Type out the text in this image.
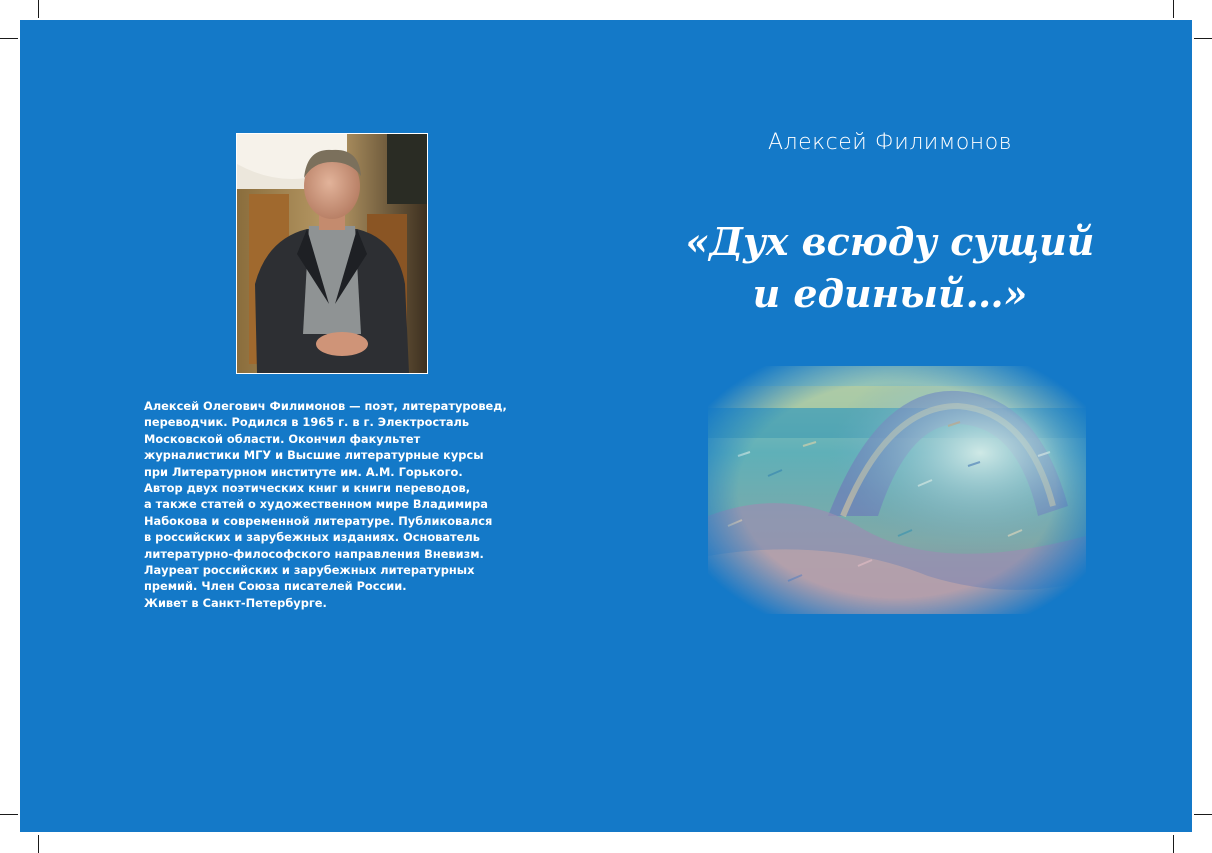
Алексей Олегович Филимонов — поэт, литературовед,
переводчик. Родился в 1965 г. в г. Электросталь
Московской области. Окончил факультет
журналистики МГУ и Высшие литературные курсы
при Литературном институте им. А.М. Горького.
Автор двух поэтических книг и книги переводов,
а также статей о художественном мире Владимира
Набокова и современной литературе. Публиковался
в российских и зарубежных изданиях. Основатель
литературно-философского направления Вневизм.
Лауреат российских и зарубежных литературных
премий. Член Союза писателей России.
Живет в Санкт-Петербурге.

Алексей Филимонов
«Дух всюду сущий
и единый…»
